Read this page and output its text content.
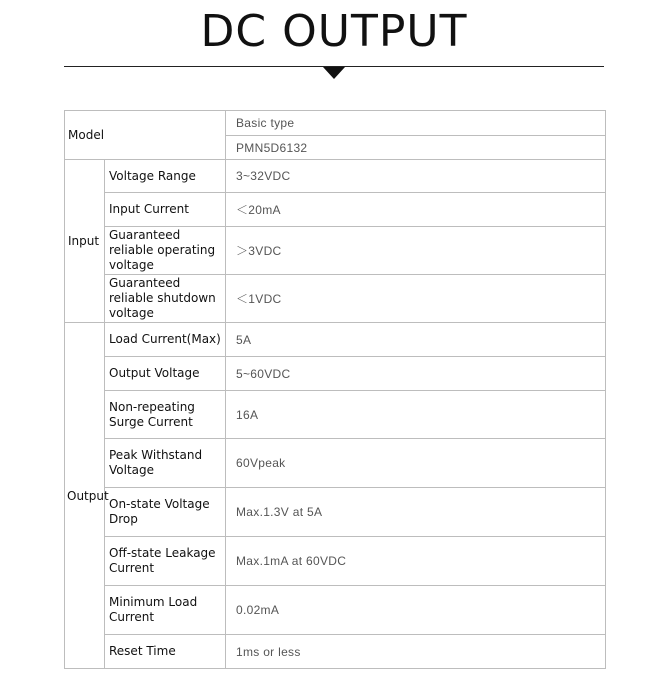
DC OUTPUT
Model		Basic type
		PMN5D6132
Input	Voltage Range	3~32VDC
	Input Current	＜20mA
	Guaranteed reliable operating voltage	＞3VDC
	Guaranteed reliable shutdown voltage	＜1VDC
Output	Load Current(Max)	5A
	Output Voltage	5~60VDC
	Non-repeating Surge Current	16A
	Peak Withstand Voltage	60Vpeak
	On-state Voltage Drop	Max.1.3V at 5A
	Off-state Leakage Current	Max.1mA at 60VDC
	Minimum Load Current	0.02mA
	Reset Time	1ms or less
